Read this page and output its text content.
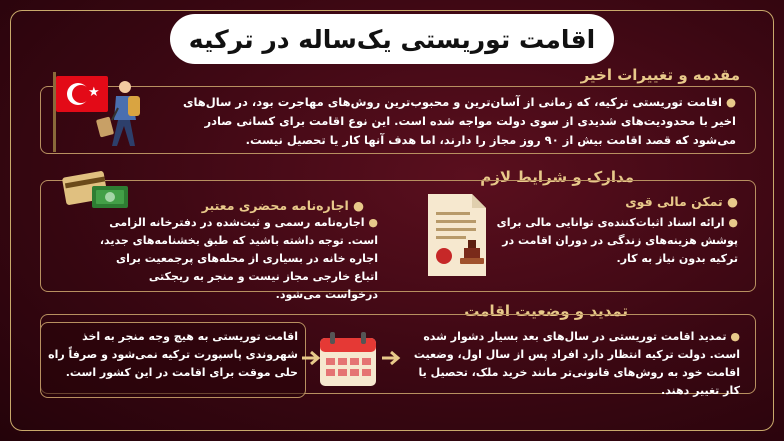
اقامت توریستی یک‌ساله در ترکیه
مقدمه و تغییرات اخیر
★
● اقامت توریستی ترکیه، که زمانی از آسان‌ترین و محبوب‌ترین روش‌های مهاجرت بود، در سال‌های اخیر با محدودیت‌های شدیدی از سوی دولت مواجه شده است. این نوع اقامت برای کسانی صادر می‌شود که قصد اقامت بیش از ۹۰ روز مجاز را دارند، اما هدف آنها کار یا تحصیل نیست.
مدارک و شرایط لازم
● اجاره‌نامه محضری معتبر
● اجاره‌نامه رسمی و ثبت‌شده در دفترخانه الزامی است. توجه داشته باشید که طبق بخشنامه‌های جدید، اجاره خانه در بسیاری از محله‌های پرجمعیت برای اتباع خارجی مجاز نیست و منجر به ریجکتی درخواست می‌شود.
● تمکن مالی قوی
● ارائه اسناد اثبات‌کننده‌ی توانایی مالی برای پوشش هزینه‌های زندگی در دوران اقامت در ترکیه بدون نیاز به کار.
تمدید و وضعیت اقامت
اقامت توریستی به هیچ وجه منجر به اخذ شهروندی پاسپورت ترکیه نمی‌شود و صرفاً راه حلی موقت برای اقامت در این کشور است.
● تمدید اقامت توریستی در سال‌های بعد بسیار دشوار شده است. دولت ترکیه انتظار دارد افراد پس از سال اول، وضعیت اقامت خود به روش‌های قانونی‌تر مانند خرید ملک، تحصیل یا کار تغییر دهند.
